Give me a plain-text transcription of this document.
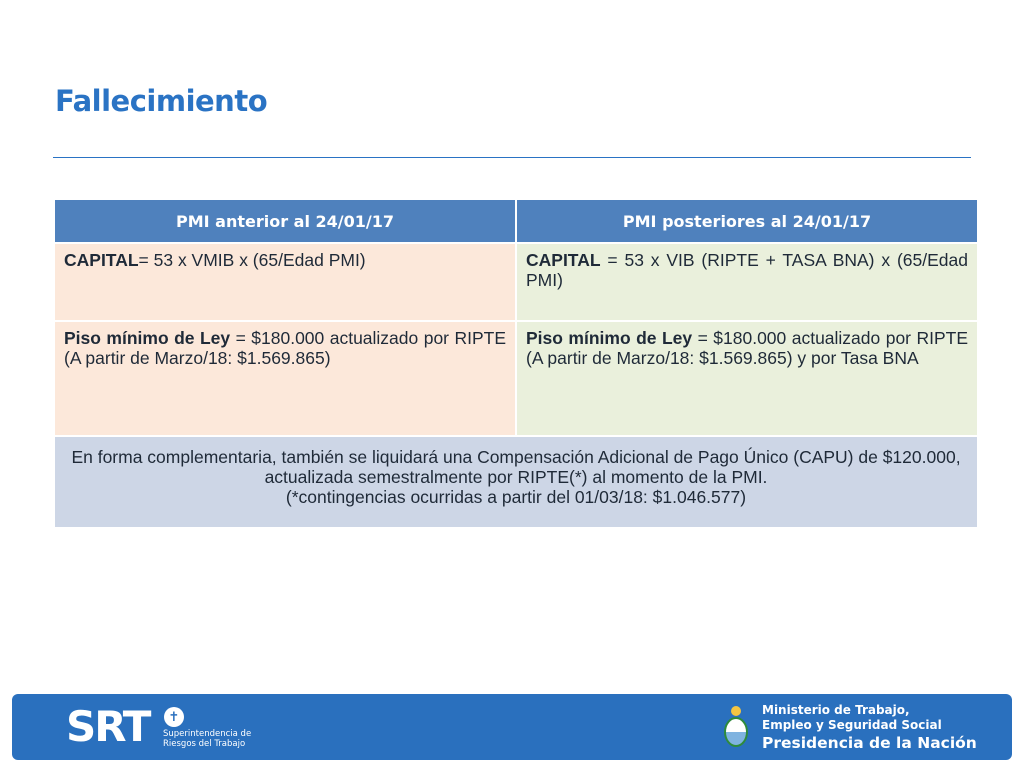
Fallecimiento
PMI anterior al 24/01/17	PMI posteriores al 24/01/17
CAPITAL= 53 x VMIB x (65/Edad PMI)	CAPITAL = 53 x VIB (RIPTE + TASA BNA) x (65/Edad PMI)
Piso mínimo de Ley = $180.000 actualizado por RIPTE (A partir de Marzo/18: $1.569.865)	Piso mínimo de Ley = $180.000 actualizado por RIPTE (A partir de Marzo/18: $1.569.865) y por Tasa BNA
En forma complementaria, también se liquidará una Compensación Adicional de Pago Único (CAPU) de $120.000, actualizada semestralmente por RIPTE(*) al momento de la PMI.
(*contingencias ocurridas a partir del 01/03/18: $1.046.577)	
SRT	✝
Superintendencia de
Riesgos del Trabajo
Ministerio de Trabajo,
Empleo y Seguridad Social
Presidencia de la Nación
